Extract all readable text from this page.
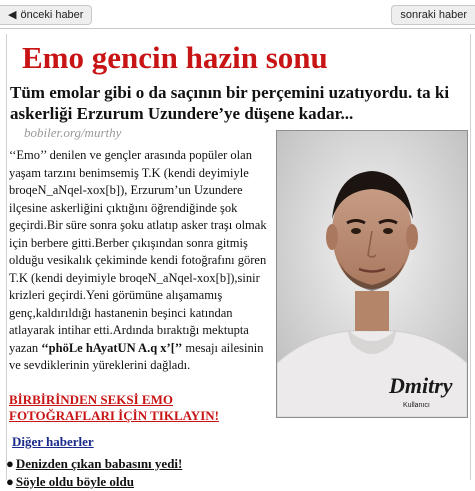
◀ önceki haber	sonraki haber
Emo gencin hazin sonu
Tüm emolar gibi o da saçının bir perçemini uzatıyordu. ta ki askerliği Erzurum Uzundere’ye düşene kadar...
bobiler.org/murthy
‘‘Emo’’ denilen ve gençler arasında popüler olan yaşam tarzını benimsemiş T.K (kendi deyimiyle broqeN_aNqel-xox[b]), Erzurum’un Uzundere ilçesine askerliğini çıktığını öğrendiğinde şok geçirdi.Bir süre sonra şoku atlatıp asker traşı olmak için berbere gitti.Berber çıkışından sonra gitmiş olduğu vesikalık çekiminde kendi fotoğrafını gören T.K (kendi deyimiyle broqeN_aNqel-xox[b]),sinir krizleri geçirdi.Yeni görümüne alışamamış genç,kaldırıldığı hastanenin beşinci katından atlayarak intihar etti.Ardında bıraktığı mektupta yazan ‘‘phöLe hAyatUN A.q x’[’’ mesajı ailesinin ve sevdiklerinin yüreklerini dağladı.
Dmitry
Kullanıcı
BİRBİRİNDEN SEKSİ EMO FOTOĞRAFLARI İÇİN TIKLAYIN!
Diğer haberler
● Denizden çıkan babasını yedi!
● Söyle oldu böyle oldu
